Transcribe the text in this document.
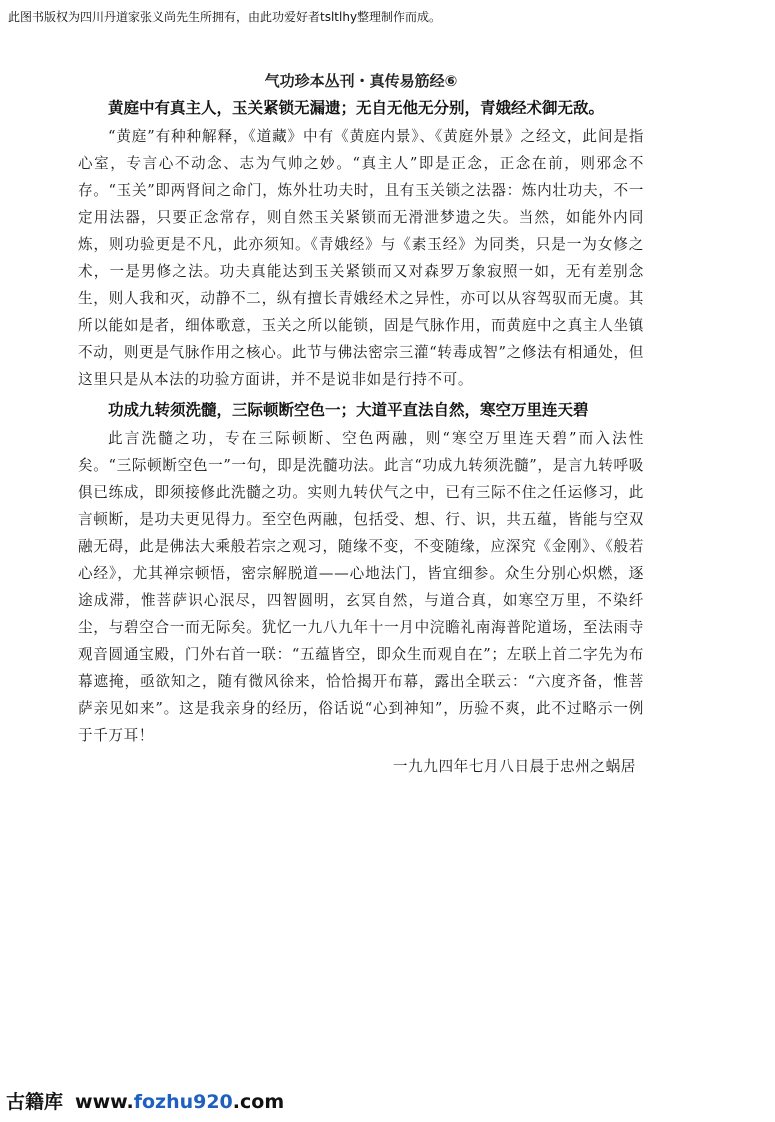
此图书版权为四川丹道家张义尚先生所拥有，由此功爱好者tsltlhy整理制作而成。
气功珍本丛刊・真传易筋经⑥

黄庭中有真主人，玉关紧锁无漏遗；无自无他无分别，青娥经术御无敌。

“黄庭”有种种解释，《道藏》中有《黄庭内景》、《黄庭外景》之经文，此间是指心室，专言心不动念、志为气帅之妙。“真主人”即是正念，正念在前，则邪念不存。“玉关”即两肾间之命门，炼外壮功夫时，且有玉关锁之法器：炼内壮功夫，不一定用法器，只要正念常存，则自然玉关紧锁而无滑泄梦遗之失。当然，如能外内同炼，则功验更是不凡，此亦须知。《青娥经》与《素玉经》为同类，只是一为女修之术，一是男修之法。功夫真能达到玉关紧锁而又对森罗万象寂照一如，无有差别念生，则人我和灭，动静不二，纵有擅长青娥经术之异性，亦可以从容驾驭而无虞。其所以能如是者，细体歌意，玉关之所以能锁，固是气脉作用，而黄庭中之真主人坐镇不动，则更是气脉作用之核心。此节与佛法密宗三灌“转毒成智”之修法有相通处，但这里只是从本法的功验方面讲，并不是说非如是行持不可。

功成九转须洗髓，三际顿断空色一；大道平直法自然，寒空万里连天碧

此言洗髓之功，专在三际顿断、空色两融，则“寒空万里连天碧”而入法性矣。“三际顿断空色一”一句，即是洗髓功法。此言“功成九转须洗髓”，是言九转呼吸俱已练成，即须接修此洗髓之功。实则九转伏气之中，已有三际不住之任运修习，此言顿断，是功夫更见得力。至空色两融，包括受、想、行、识，共五蕴，皆能与空双融无碍，此是佛法大乘般若宗之观习，随缘不变，不变随缘，应深究《金刚》、《般若心经》，尤其禅宗顿悟，密宗解脱道——心地法门，皆宜细参。众生分别心炽燃，逐途成滞，惟菩萨识心泯尽，四智圆明，玄冥自然，与道合真，如寒空万里，不染纤尘，与碧空合一而无际矣。犹忆一九八九年十一月中浣瞻礼南海普陀道场，至法雨寺观音圆通宝殿，门外右首一联：“五蕴皆空，即众生而观自在”；左联上首二字先为布幕遮掩，亟欲知之，随有微风徐来，恰恰揭开布幕，露出全联云：“六度齐备，惟菩萨亲见如来”。这是我亲身的经历，俗话说“心到神知”，历验不爽，此不过略示一例于千万耳！

一九九四年七月八日晨于忠州之蜗居

古籍库 www.fozhu920.com
